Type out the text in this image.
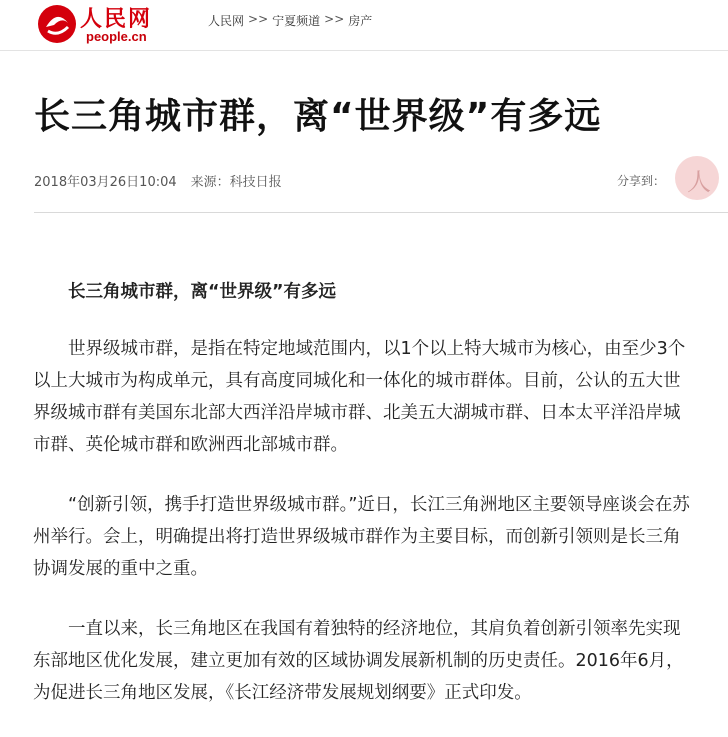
人民网
people.cn
人民网 >> 宁夏频道 >> 房产
长三角城市群，离“世界级”有多远
2018年03月26日10:04 来源：科技日报	分享到： 人

长三角城市群，离“世界级”有多远

世界级城市群，是指在特定地域范围内，以1个以上特大城市为核心，由至少3个以上大城市为构成单元，具有高度同城化和一体化的城市群体。目前，公认的五大世界级城市群有美国东北部大西洋沿岸城市群、北美五大湖城市群、日本太平洋沿岸城市群、英伦城市群和欧洲西北部城市群。

“创新引领，携手打造世界级城市群。”近日，长江三角洲地区主要领导座谈会在苏州举行。会上，明确提出将打造世界级城市群作为主要目标，而创新引领则是长三角协调发展的重中之重。

一直以来，长三角地区在我国有着独特的经济地位，其肩负着创新引领率先实现东部地区优化发展，建立更加有效的区域协调发展新机制的历史责任。2016年6月，为促进长三角地区发展，《长江经济带发展规划纲要》正式印发。
